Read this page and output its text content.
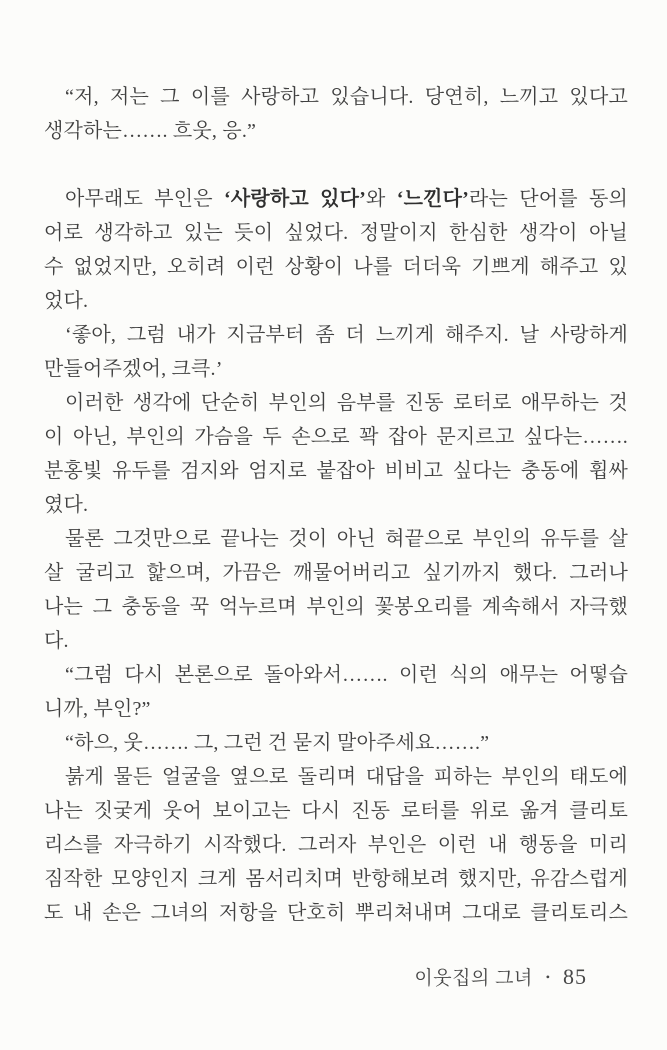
“저, 저는 그 이를 사랑하고 있습니다. 당연히, 느끼고 있다고

생각하는……. 흐웃, 응.”

아무래도 부인은 ‘사랑하고 있다’와 ‘느낀다’라는 단어를 동의

어로 생각하고 있는 듯이 싶었다. 정말이지 한심한 생각이 아닐

수 없었지만, 오히려 이런 상황이 나를 더더욱 기쁘게 해주고 있

었다.

‘좋아, 그럼 내가 지금부터 좀 더 느끼게 해주지. 날 사랑하게

만들어주겠어, 크큭.’

이러한 생각에 단순히 부인의 음부를 진동 로터로 애무하는 것

이 아닌, 부인의 가슴을 두 손으로 꽉 잡아 문지르고 싶다는…….

분홍빛 유두를 검지와 엄지로 붙잡아 비비고 싶다는 충동에 휩싸

였다.

물론 그것만으로 끝나는 것이 아닌 혀끝으로 부인의 유두를 살

살 굴리고 핥으며, 가끔은 깨물어버리고 싶기까지 했다. 그러나

나는 그 충동을 꾹 억누르며 부인의 꽃봉오리를 계속해서 자극했

다.

“그럼 다시 본론으로 돌아와서……. 이런 식의 애무는 어떻습

니까, 부인?”

“하으, 웃……. 그, 그런 건 묻지 말아주세요…….”

붉게 물든 얼굴을 옆으로 돌리며 대답을 피하는 부인의 태도에

나는 짓궂게 웃어 보이고는 다시 진동 로터를 위로 옮겨 클리토

리스를 자극하기 시작했다. 그러자 부인은 이런 내 행동을 미리

짐작한 모양인지 크게 몸서리치며 반항해보려 했지만, 유감스럽게

도 내 손은 그녀의 저항을 단호히 뿌리쳐내며 그대로 클리토리스

이웃집의 그녀 • 85
